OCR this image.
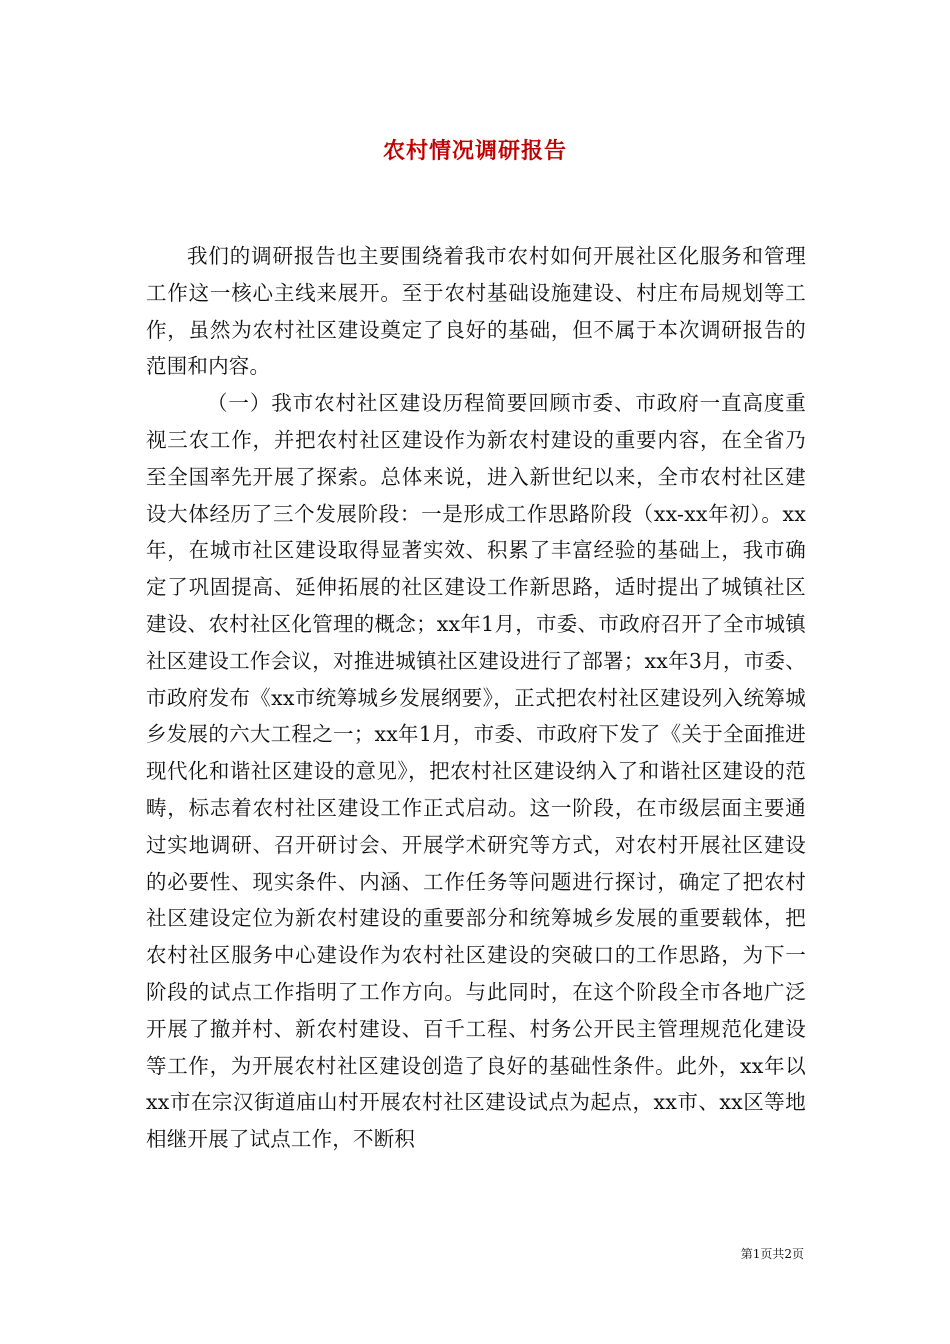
农村情况调研报告

我们的调研报告也主要围绕着我市农村如何开展社区化服务和管理工作这一核心主线来展开。至于农村基础设施建设、村庄布局规划等工作，虽然为农村社区建设奠定了良好的基础，但不属于本次调研报告的范围和内容。

（一）我市农村社区建设历程简要回顾市委、市政府一直高度重视三农工作，并把农村社区建设作为新农村建设的重要内容，在全省乃至全国率先开展了探索。总体来说，进入新世纪以来，全市农村社区建设大体经历了三个发展阶段：一是形成工作思路阶段（xx-xx年初）。xx年，在城市社区建设取得显著实效、积累了丰富经验的基础上，我市确定了巩固提高、延伸拓展的社区建设工作新思路，适时提出了城镇社区建设、农村社区化管理的概念；xx年1月，市委、市政府召开了全市城镇社区建设工作会议，对推进城镇社区建设进行了部署；xx年3月，市委、市政府发布《xx市统筹城乡发展纲要》，正式把农村社区建设列入统筹城乡发展的六大工程之一；xx年1月，市委、市政府下发了《关于全面推进现代化和谐社区建设的意见》，把农村社区建设纳入了和谐社区建设的范畴，标志着农村社区建设工作正式启动。这一阶段，在市级层面主要通过实地调研、召开研讨会、开展学术研究等方式，对农村开展社区建设的必要性、现实条件、内涵、工作任务等问题进行探讨，确定了把农村社区建设定位为新农村建设的重要部分和统筹城乡发展的重要载体，把农村社区服务中心建设作为农村社区建设的突破口的工作思路，为下一阶段的试点工作指明了工作方向。与此同时，在这个阶段全市各地广泛开展了撤并村、新农村建设、百千工程、村务公开民主管理规范化建设等工作，为开展农村社区建设创造了良好的基础性条件。此外，xx年以xx市在宗汉街道庙山村开展农村社区建设试点为起点，xx市、xx区等地相继开展了试点工作，不断积

第1页共2页
